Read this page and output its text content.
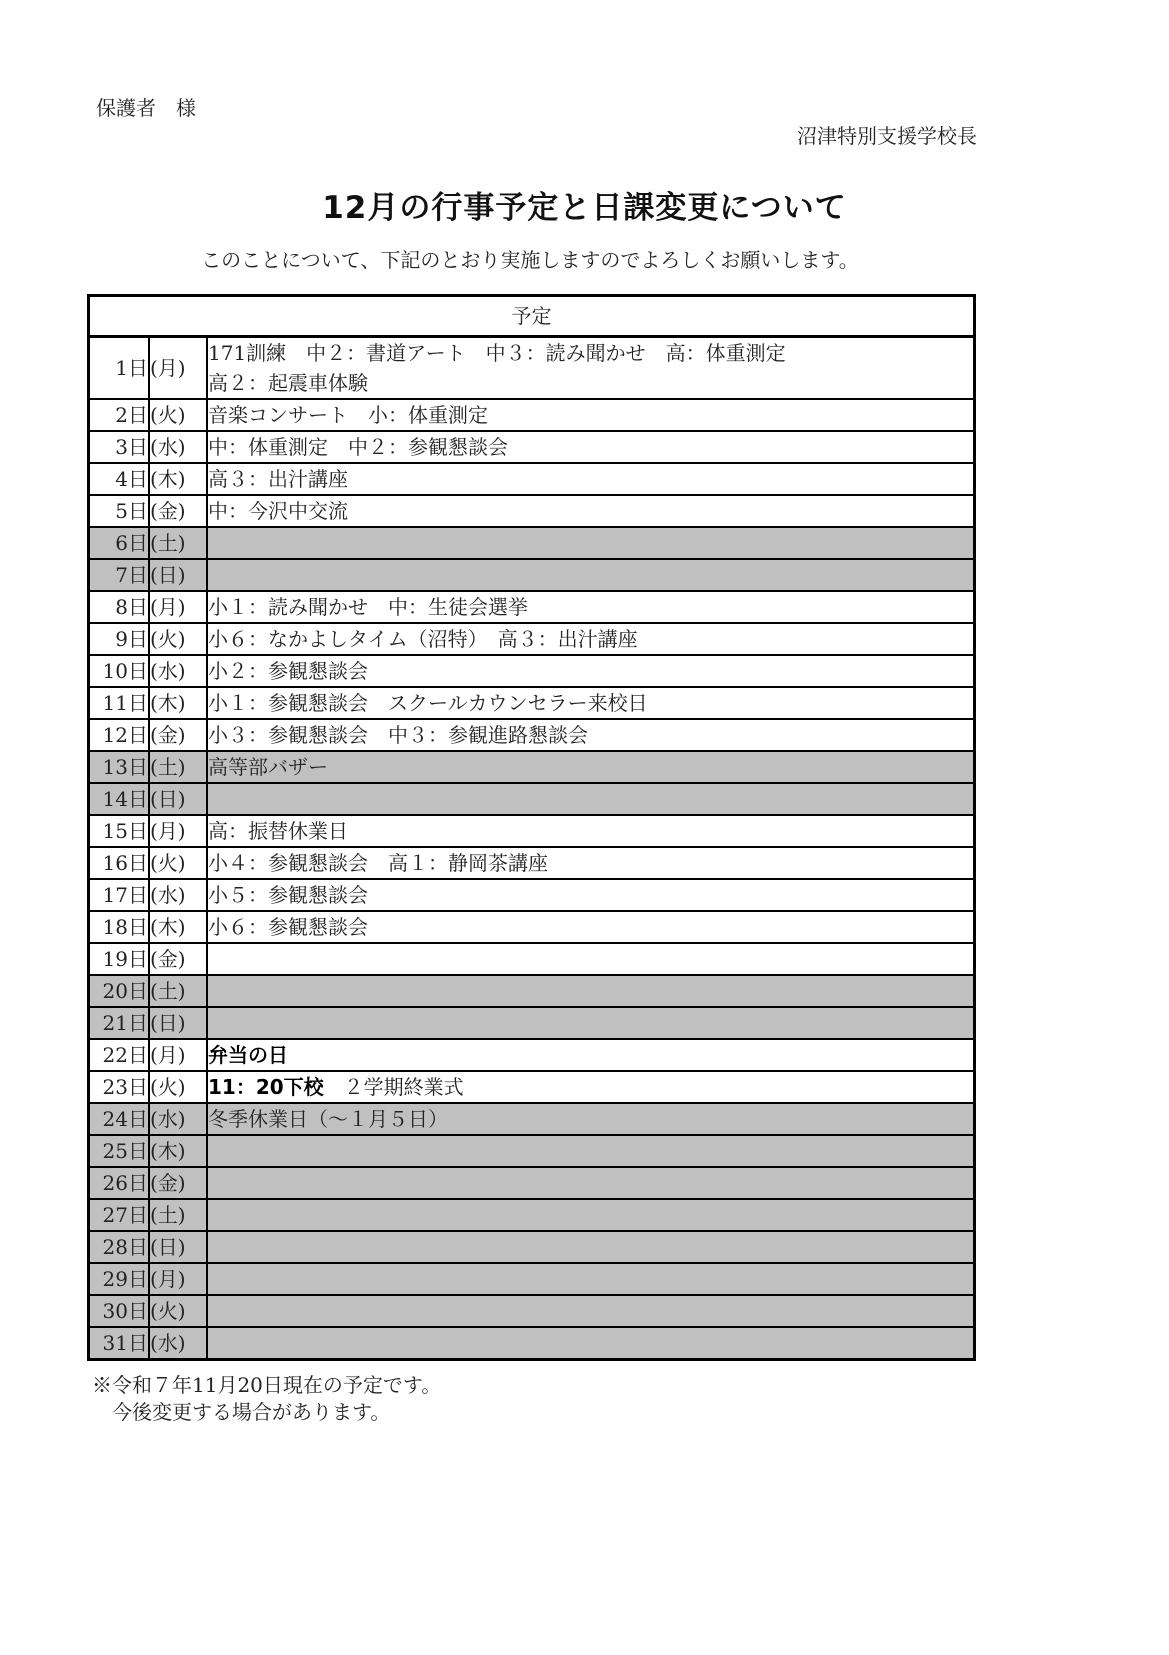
保護者　様
沼津特別支援学校長
12月の行事予定と日課変更について
このことについて、下記のとおり実施しますのでよろしくお願いします。
予定		
1日	(月)	171訓練　中２：書道アート　中３：読み聞かせ　高：体重測定
高２：起震車体験
2日	(火)	音楽コンサート　小：体重測定
3日	(水)	中：体重測定　中２：参観懇談会
4日	(木)	高３：出汁講座
5日	(金)	中：今沢中交流
6日	(土)	
7日	(日)	
8日	(月)	小１：読み聞かせ　中：生徒会選挙
9日	(火)	小６：なかよしタイム（沼特）　高３：出汁講座
10日	(水)	小２：参観懇談会
11日	(木)	小１：参観懇談会　スクールカウンセラー来校日
12日	(金)	小３：参観懇談会　中３：参観進路懇談会
13日	(土)	高等部バザー
14日	(日)	
15日	(月)	高：振替休業日
16日	(火)	小４：参観懇談会　高１：静岡茶講座
17日	(水)	小５：参観懇談会
18日	(木)	小６：参観懇談会
19日	(金)	
20日	(土)	
21日	(日)	
22日	(月)	弁当の日
23日	(火)	11：20下校　２学期終業式
24日	(水)	冬季休業日（～１月５日）
25日	(木)	
26日	(金)	
27日	(土)	
28日	(日)	
29日	(月)	
30日	(火)	
31日	(水)	
※令和７年11月20日現在の予定です。
　今後変更する場合があります。
